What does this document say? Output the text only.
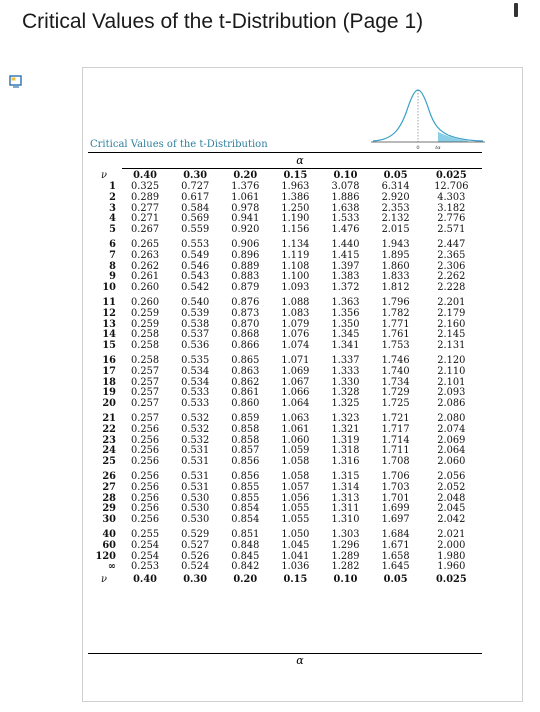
Critical Values of the t-Distribution (Page 1)
0	tα
α
Critical Values of the t-Distribution
α
ν	0.40	0.30	0.20	0.15	0.10	0.05	0.025
1	0.325	0.727	1.376	1.963	3.078	6.314	12.706
2	0.289	0.617	1.061	1.386	1.886	2.920	4.303
3	0.277	0.584	0.978	1.250	1.638	2.353	3.182
4	0.271	0.569	0.941	1.190	1.533	2.132	2.776
5	0.267	0.559	0.920	1.156	1.476	2.015	2.571
6	0.265	0.553	0.906	1.134	1.440	1.943	2.447
7	0.263	0.549	0.896	1.119	1.415	1.895	2.365
8	0.262	0.546	0.889	1.108	1.397	1.860	2.306
9	0.261	0.543	0.883	1.100	1.383	1.833	2.262
10	0.260	0.542	0.879	1.093	1.372	1.812	2.228
11	0.260	0.540	0.876	1.088	1.363	1.796	2.201
12	0.259	0.539	0.873	1.083	1.356	1.782	2.179
13	0.259	0.538	0.870	1.079	1.350	1.771	2.160
14	0.258	0.537	0.868	1.076	1.345	1.761	2.145
15	0.258	0.536	0.866	1.074	1.341	1.753	2.131
16	0.258	0.535	0.865	1.071	1.337	1.746	2.120
17	0.257	0.534	0.863	1.069	1.333	1.740	2.110
18	0.257	0.534	0.862	1.067	1.330	1.734	2.101
19	0.257	0.533	0.861	1.066	1.328	1.729	2.093
20	0.257	0.533	0.860	1.064	1.325	1.725	2.086
21	0.257	0.532	0.859	1.063	1.323	1.721	2.080
22	0.256	0.532	0.858	1.061	1.321	1.717	2.074
23	0.256	0.532	0.858	1.060	1.319	1.714	2.069
24	0.256	0.531	0.857	1.059	1.318	1.711	2.064
25	0.256	0.531	0.856	1.058	1.316	1.708	2.060
26	0.256	0.531	0.856	1.058	1.315	1.706	2.056
27	0.256	0.531	0.855	1.057	1.314	1.703	2.052
28	0.256	0.530	0.855	1.056	1.313	1.701	2.048
29	0.256	0.530	0.854	1.055	1.311	1.699	2.045
30	0.256	0.530	0.854	1.055	1.310	1.697	2.042
40	0.255	0.529	0.851	1.050	1.303	1.684	2.021
60	0.254	0.527	0.848	1.045	1.296	1.671	2.000
120	0.254	0.526	0.845	1.041	1.289	1.658	1.980
∞	0.253	0.524	0.842	1.036	1.282	1.645	1.960
ν	0.40	0.30	0.20	0.15	0.10	0.05	0.025
α
